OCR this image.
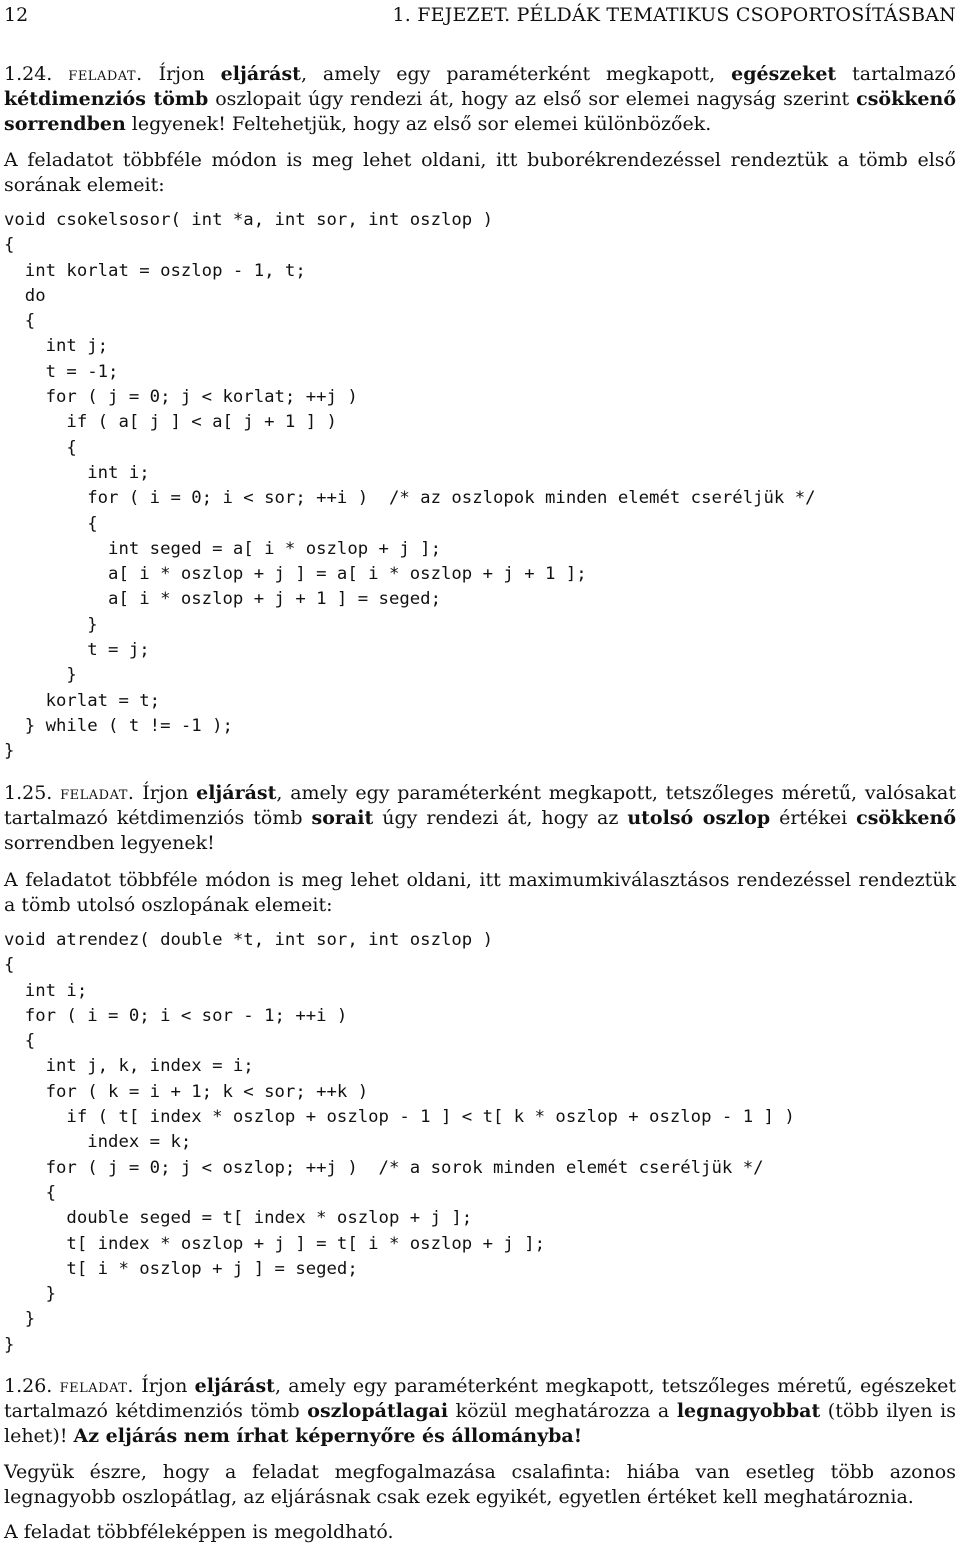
12	1. FEJEZET. PÉLDÁK TEMATIKUS CSOPORTOSÍTÁSBAN
1.24. feladat. Írjon eljárást, amely egy paraméterként megkapott, egészeket tartalmazó kétdimenziós tömb oszlopait úgy rendezi át, hogy az első sor elemei nagyság szerint csökkenő sorrendben legyenek! Feltehetjük, hogy az első sor elemei különbözőek.
A feladatot többféle módon is meg lehet oldani, itt buborékrendezéssel rendeztük a tömb első sorának elemeit:
void csokelsosor( int *a, int sor, int oszlop )
{
int korlat = oszlop - 1, t;
do
{
int j;
t = -1;
for ( j = 0; j < korlat; ++j )
if ( a[ j ] < a[ j + 1 ] )
{
int i;
for ( i = 0; i < sor; ++i )  /* az oszlopok minden elemét cseréljük */
{
int seged = a[ i * oszlop + j ];
a[ i * oszlop + j ] = a[ i * oszlop + j + 1 ];
a[ i * oszlop + j + 1 ] = seged;
}
t = j;
}
korlat = t;
} while ( t != -1 );
}
1.25. feladat. Írjon eljárást, amely egy paraméterként megkapott, tetszőleges méretű, valósakat tartalmazó kétdimenziós tömb sorait úgy rendezi át, hogy az utolsó oszlop értékei csökkenő sorrendben legyenek!
A feladatot többféle módon is meg lehet oldani, itt maximumkiválasztásos rendezéssel rendeztük a tömb utolsó oszlopának elemeit:
void atrendez( double *t, int sor, int oszlop )
{
int i;
for ( i = 0; i < sor - 1; ++i )
{
int j, k, index = i;
for ( k = i + 1; k < sor; ++k )
if ( t[ index * oszlop + oszlop - 1 ] < t[ k * oszlop + oszlop - 1 ] )
index = k;
for ( j = 0; j < oszlop; ++j )  /* a sorok minden elemét cseréljük */
{
double seged = t[ index * oszlop + j ];
t[ index * oszlop + j ] = t[ i * oszlop + j ];
t[ i * oszlop + j ] = seged;
}
}
}
1.26. feladat. Írjon eljárást, amely egy paraméterként megkapott, tetszőleges méretű, egészeket tartalmazó kétdimenziós tömb oszlopátlagai közül meghatározza a legnagyobbat (több ilyen is lehet)! Az eljárás nem írhat képernyőre és állományba!
Vegyük észre, hogy a feladat megfogalmazása csalafinta: hiába van esetleg több azonos legnagyobb oszlopátlag, az eljárásnak csak ezek egyikét, egyetlen értéket kell meghatároznia.
A feladat többféleképpen is megoldható.
